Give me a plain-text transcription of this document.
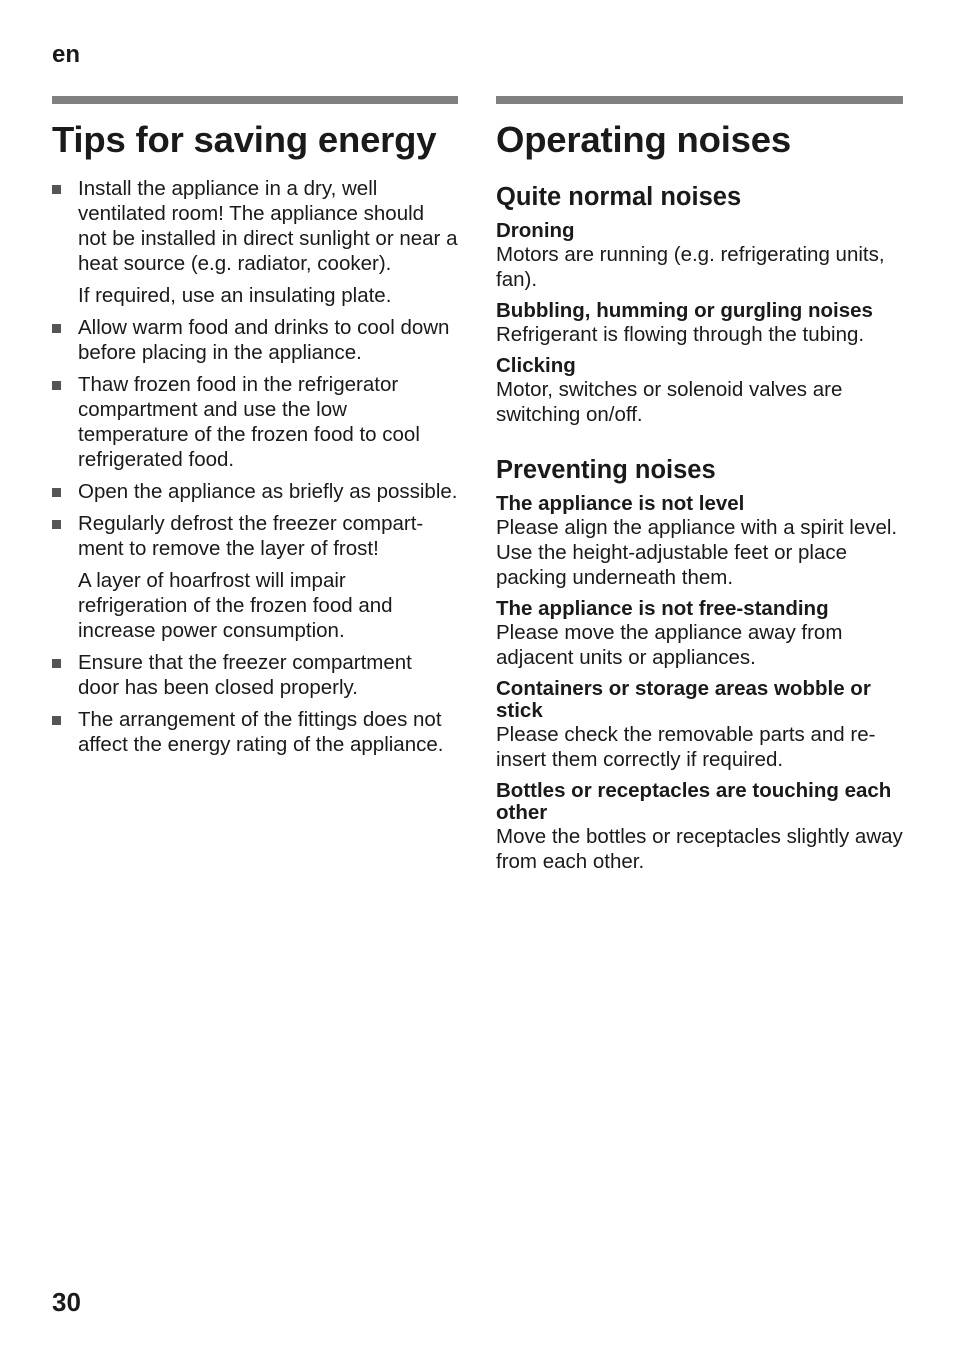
en
Tips for saving energy
Install the appliance in a dry, well ventilated room! The appliance should not be installed in direct sunlight or near a heat source (e.g. radiator, cooker).
If required, use an insulating plate.
Allow warm food and drinks to cool down before placing in the appliance.
Thaw frozen food in the refrigerator compartment and use the low temperature of the frozen food to cool refrigerated food.
Open the appliance as briefly as possible.
Regularly defrost the freezer compart-ment to remove the layer of frost!
A layer of hoarfrost will impair refrigeration of the frozen food and increase power consumption.
Ensure that the freezer compartment door has been closed properly.
The arrangement of the fittings does not affect the energy rating of the appliance.
Operating noises
Quite normal noises
Droning
Motors are running (e.g. refrigerating units, fan).
Bubbling, humming or gurgling noises
Refrigerant is flowing through the tubing.
Clicking
Motor, switches or solenoid valves are switching on/off.
Preventing noises
The appliance is not level
Please align the appliance with a spirit level. Use the height-adjustable feet or place packing underneath them.
The appliance is not free-standing
Please move the appliance away from adjacent units or appliances.
Containers or storage areas wobble or stick
Please check the removable parts and re-insert them correctly if required.
Bottles or receptacles are touching each other
Move the bottles or receptacles slightly away from each other.
30
